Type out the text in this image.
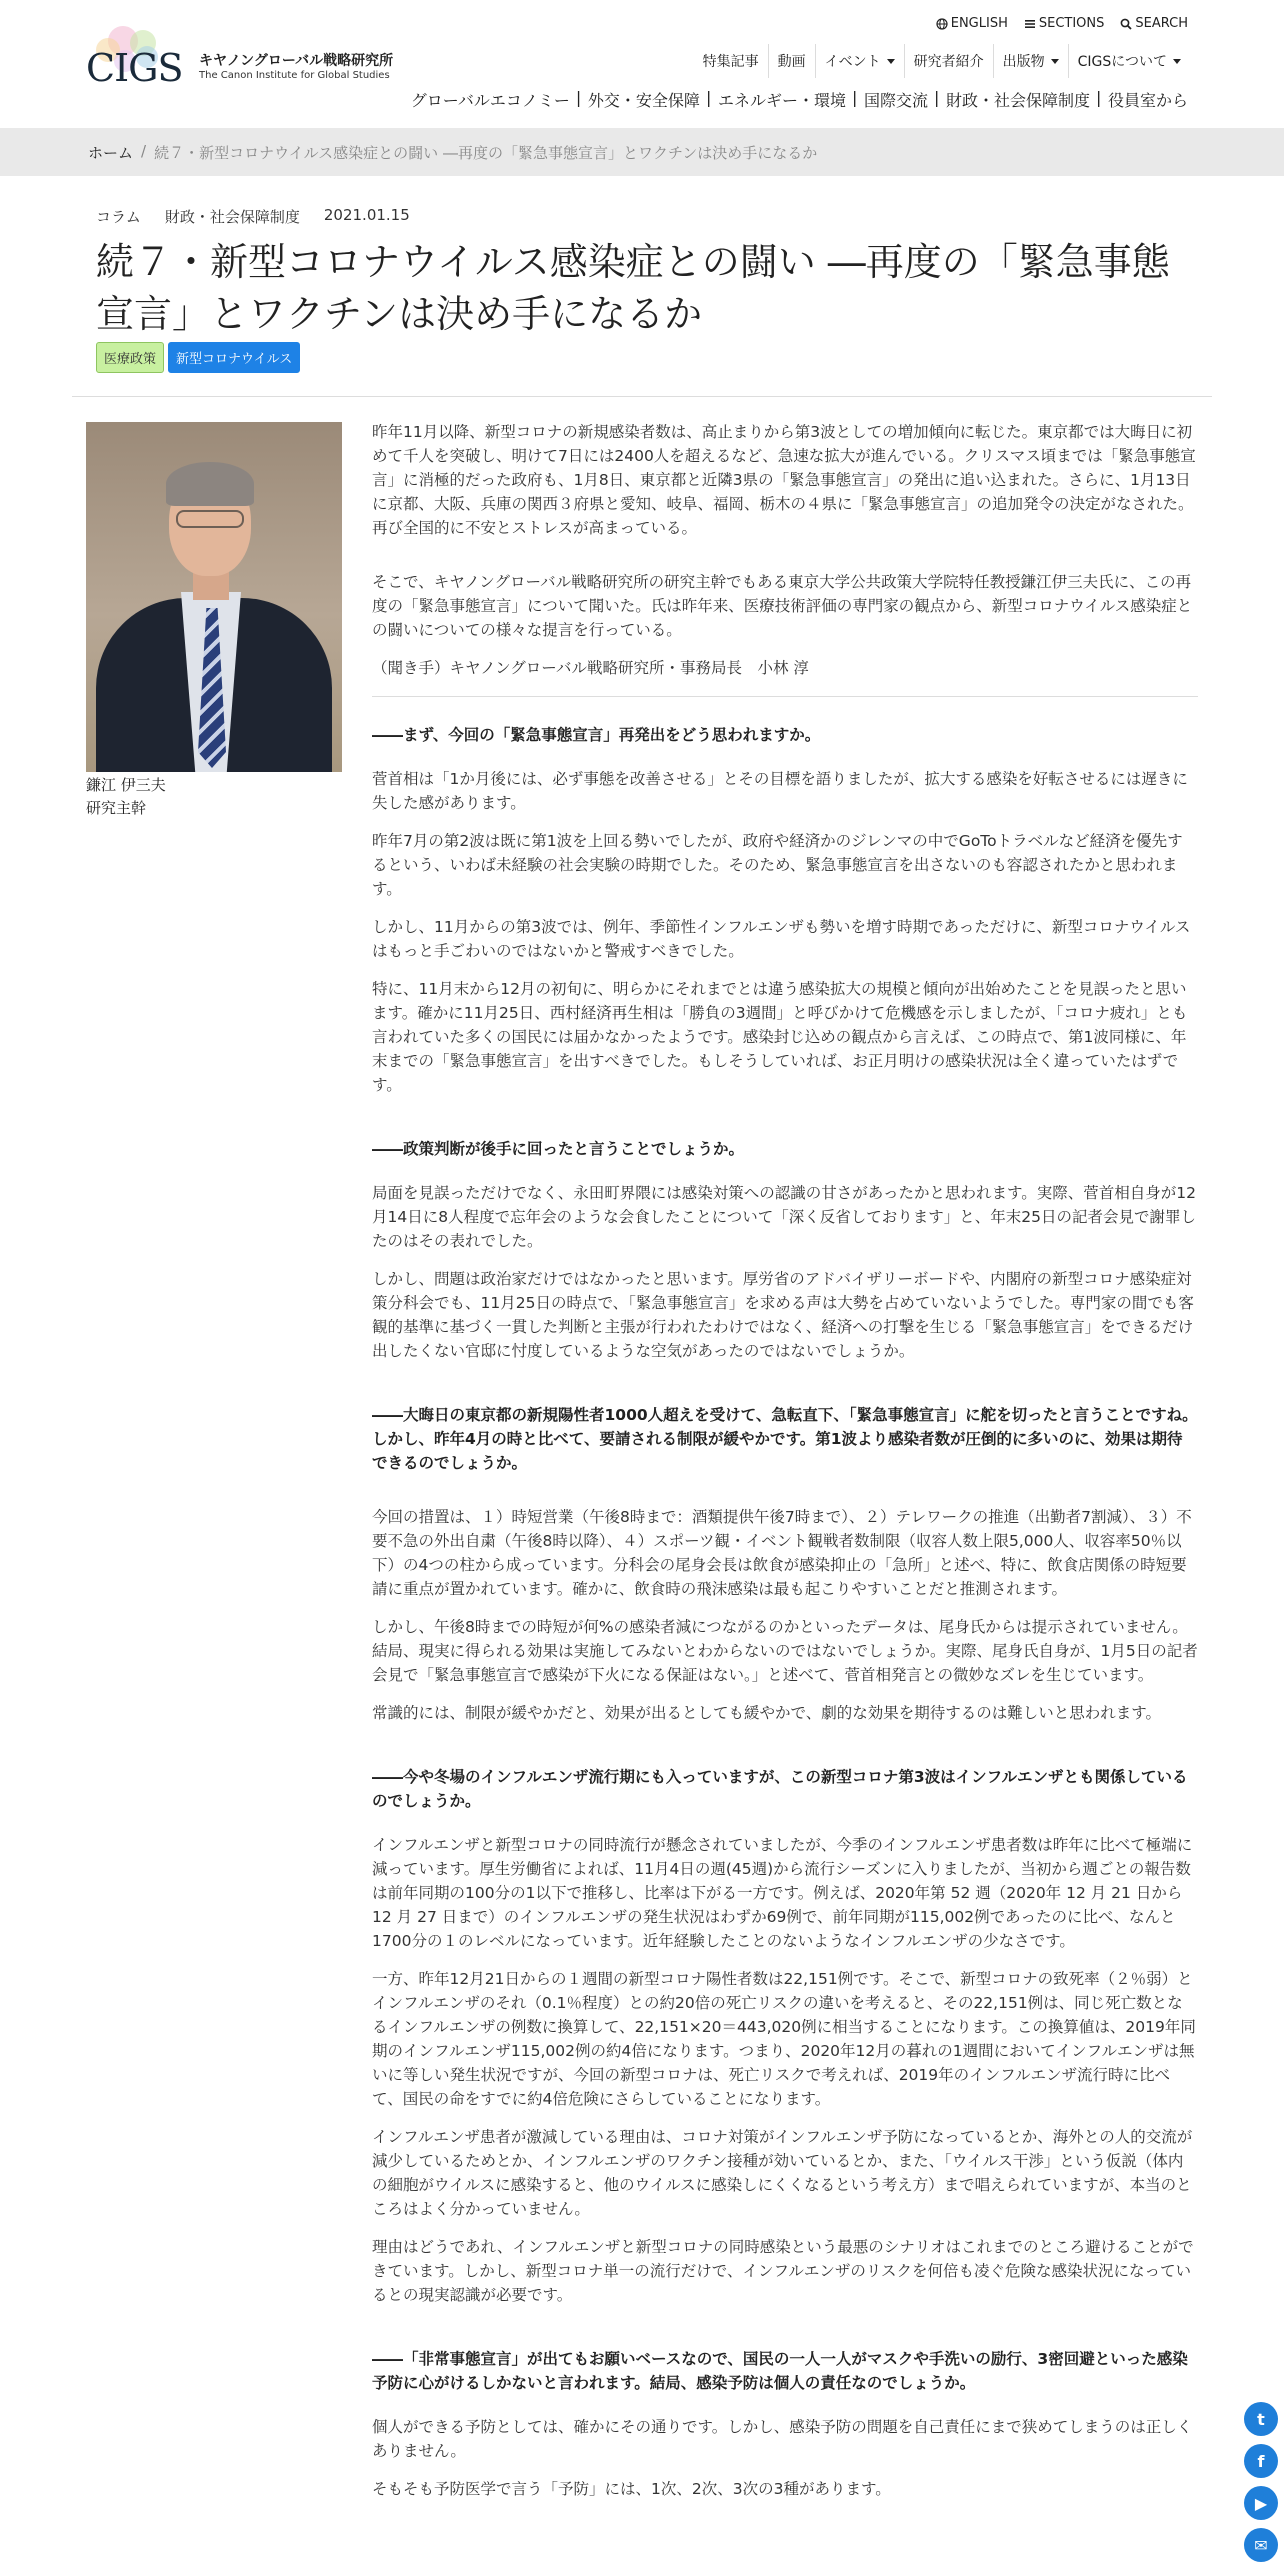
CIGS キヤノングローバル戦略研究所
The Canon Institute for Global Studies
ENGLISH SECTIONS SEARCH
特集記事 動画 イベント 研究者紹介 出版物 CIGSについて
グローバルエコノミー	| 外交・安全保障	| エネルギー・環境	| 国際交流	| 財政・社会保障制度	| 役員室から
ホーム / 続７・新型コロナウイルス感染症との闘い ―再度の「緊急事態宣言」とワクチンは決め手になるか
コラム 財政・社会保障制度 2021.01.15
続７・新型コロナウイルス感染症との闘い ―再度の「緊急事態宣言」とワクチンは決め手になるか
医療政策	新型コロナウイルス
鎌江 伊三夫
研究主幹

昨年11月以降、新型コロナの新規感染者数は、高止まりから第3波としての増加傾向に転じた。東京都では大晦日に初めて千人を突破し、明けて7日には2400人を超えるなど、急速な拡大が進んでいる。クリスマス頃までは「緊急事態宣言」に消極的だった政府も、1月8日、東京都と近隣3県の「緊急事態宣言」の発出に追い込まれた。さらに、1月13日に京都、大阪、兵庫の関西３府県と愛知、岐阜、福岡、栃木の４県に「緊急事態宣言」の追加発令の決定がなされた。再び全国的に不安とストレスが高まっている。

そこで、キヤノングローバル戦略研究所の研究主幹でもある東京大学公共政策大学院特任教授鎌江伊三夫氏に、この再度の「緊急事態宣言」について聞いた。氏は昨年来、医療技術評価の専門家の観点から、新型コロナウイルス感染症との闘いについての様々な提言を行っている。

（聞き手）キヤノングローバル戦略研究所・事務局長　小林 淳

――まず、今回の「緊急事態宣言」再発出をどう思われますか。

菅首相は「1か月後には、必ず事態を改善させる」とその目標を語りましたが、拡大する感染を好転させるには遅きに失した感があります。

昨年7月の第2波は既に第1波を上回る勢いでしたが、政府や経済かのジレンマの中でGoToトラベルなど経済を優先するという、いわば未経験の社会実験の時期でした。そのため、緊急事態宣言を出さないのも容認されたかと思われます。

しかし、11月からの第3波では、例年、季節性インフルエンザも勢いを増す時期であっただけに、新型コロナウイルスはもっと手ごわいのではないかと警戒すべきでした。

特に、11月末から12月の初旬に、明らかにそれまでとは違う感染拡大の規模と傾向が出始めたことを見誤ったと思います。確かに11月25日、西村経済再生相は「勝負の3週間」と呼びかけて危機感を示しましたが、「コロナ疲れ」とも言われていた多くの国民には届かなかったようです。感染封じ込めの観点から言えば、この時点で、第1波同様に、年末までの「緊急事態宣言」を出すべきでした。もしそうしていれば、お正月明けの感染状況は全く違っていたはずです。

――政策判断が後手に回ったと言うことでしょうか。

局面を見誤っただけでなく、永田町界隈には感染対策への認識の甘さがあったかと思われます。実際、菅首相自身が12月14日に8人程度で忘年会のような会食したことについて「深く反省しております」と、年末25日の記者会見で謝罪したのはその表れでした。

しかし、問題は政治家だけではなかったと思います。厚労省のアドバイザリーボードや、内閣府の新型コロナ感染症対策分科会でも、11月25日の時点で、「緊急事態宣言」を求める声は大勢を占めていないようでした。専門家の間でも客観的基準に基づく一貫した判断と主張が行われたわけではなく、経済への打撃を生じる「緊急事態宣言」をできるだけ出したくない官邸に忖度しているような空気があったのではないでしょうか。

――大晦日の東京都の新規陽性者1000人超えを受けて、急転直下、「緊急事態宣言」に舵を切ったと言うことですね。しかし、昨年4月の時と比べて、要請される制限が緩やかです。第1波より感染者数が圧倒的に多いのに、効果は期待できるのでしょうか。

今回の措置は、１）時短営業（午後8時まで：酒類提供午後7時まで）、２）テレワークの推進（出勤者7割減）、３）不要不急の外出自粛（午後8時以降）、４）スポーツ観・イベント観戦者数制限（収容人数上限5,000人、収容率50％以下）の4つの柱から成っています。分科会の尾身会長は飲食が感染抑止の「急所」と述べ、特に、飲食店関係の時短要請に重点が置かれています。確かに、飲食時の飛沫感染は最も起こりやすいことだと推測されます。

しかし、午後8時までの時短が何%の感染者減につながるのかといったデータは、尾身氏からは提示されていません。結局、現実に得られる効果は実施してみないとわからないのではないでしょうか。実際、尾身氏自身が、1月5日の記者会見で「緊急事態宣言で感染が下火になる保証はない。」と述べて、菅首相発言との微妙なズレを生じています。

常識的には、制限が緩やかだと、効果が出るとしても緩やかで、劇的な効果を期待するのは難しいと思われます。

――今や冬場のインフルエンザ流行期にも入っていますが、この新型コロナ第3波はインフルエンザとも関係しているのでしょうか。

インフルエンザと新型コロナの同時流行が懸念されていましたが、今季のインフルエンザ患者数は昨年に比べて極端に減っています。厚生労働省によれば、11月4日の週(45週)から流行シーズンに入りましたが、当初から週ごとの報告数は前年同期の100分の1以下で推移し、比率は下がる一方です。例えば、2020年第 52 週（2020年 12 月 21 日から12 月 27 日まで）のインフルエンザの発生状況はわずか69例で、前年同期が115,002例であったのに比べ、なんと1700分の１のレベルになっています。近年経験したことのないようなインフルエンザの少なさです。

一方、昨年12月21日からの１週間の新型コロナ陽性者数は22,151例です。そこで、新型コロナの致死率（２％弱）とインフルエンザのそれ（0.1％程度）との約20倍の死亡リスクの違いを考えると、その22,151例は、同じ死亡数となるインフルエンザの例数に換算して、22,151×20＝443,020例に相当することになります。この換算値は、2019年同期のインフルエンザ115,002例の約4倍になります。つまり、2020年12月の暮れの1週間においてインフルエンザは無いに等しい発生状況ですが、今回の新型コロナは、死亡リスクで考えれば、2019年のインフルエンザ流行時に比べて、国民の命をすでに約4倍危険にさらしていることになります。

インフルエンザ患者が激減している理由は、コロナ対策がインフルエンザ予防になっているとか、海外との人的交流が減少しているためとか、インフルエンザのワクチン接種が効いているとか、また、「ウイルス干渉」という仮説（体内の細胞がウイルスに感染すると、他のウイルスに感染しにくくなるという考え方）まで唱えられていますが、本当のところはよく分かっていません。

理由はどうであれ、インフルエンザと新型コロナの同時感染という最悪のシナリオはこれまでのところ避けることができています。しかし、新型コロナ単一の流行だけで、インフルエンザのリスクを何倍も凌ぐ危険な感染状況になっているとの現実認識が必要です。

――「非常事態宣言」が出てもお願いベースなので、国民の一人一人がマスクや手洗いの励行、3密回避といった感染予防に心がけるしかないと言われます。結局、感染予防は個人の責任なのでしょうか。

個人ができる予防としては、確かにその通りです。しかし、感染予防の問題を自己責任にまで狭めてしまうのは正しくありません。

そもそも予防医学で言う「予防」には、1次、2次、3次の3種があります。

t
f
▶
✉
